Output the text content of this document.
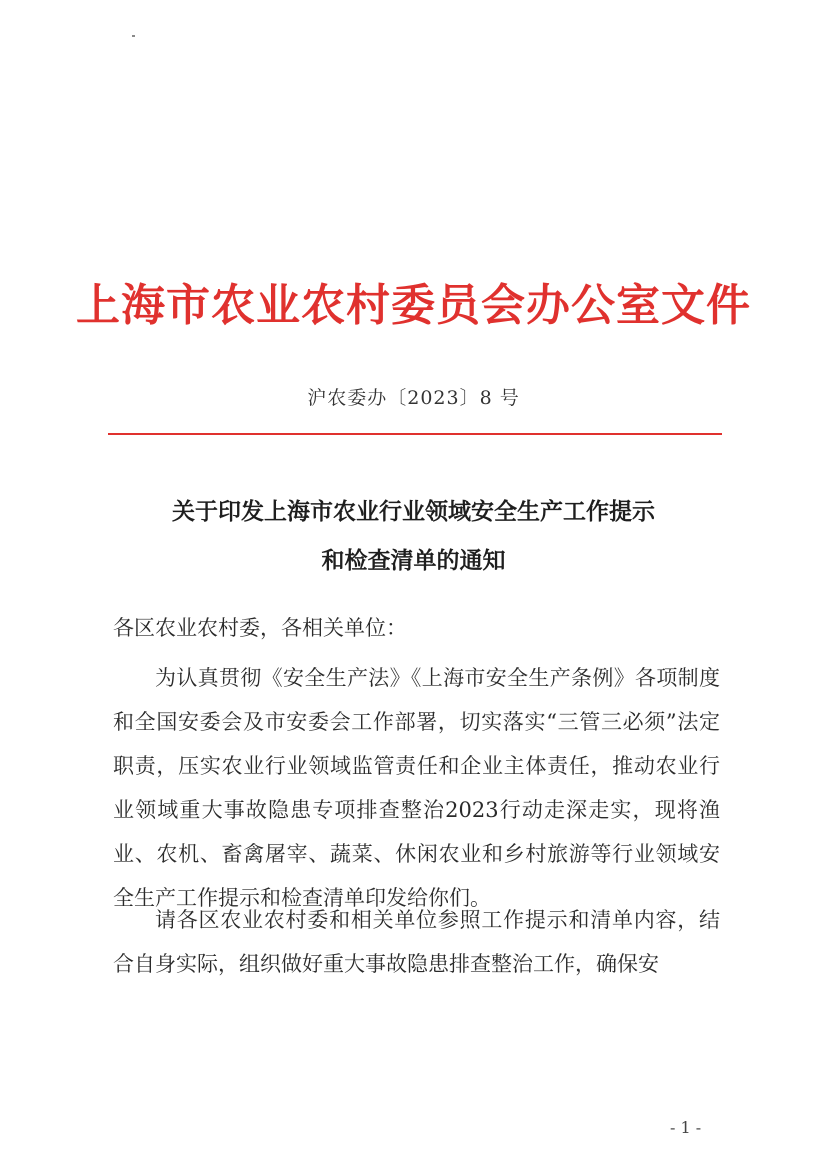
上海市农业农村委员会办公室文件
沪农委办〔2023〕8 号
关于印发上海市农业行业领域安全生产工作提示
和检查清单的通知
各区农业农村委，各相关单位：
为认真贯彻《安全生产法》《上海市安全生产条例》各项制度和全国安委会及市安委会工作部署，切实落实“三管三必须”法定职责，压实农业行业领域监管责任和企业主体责任，推动农业行业领域重大事故隐患专项排查整治2023行动走深走实，现将渔业、农机、畜禽屠宰、蔬菜、休闲农业和乡村旅游等行业领域安全生产工作提示和检查清单印发给你们。
请各区农业农村委和相关单位参照工作提示和清单内容，结合自身实际，组织做好重大事故隐患排查整治工作，确保安
- 1 -
